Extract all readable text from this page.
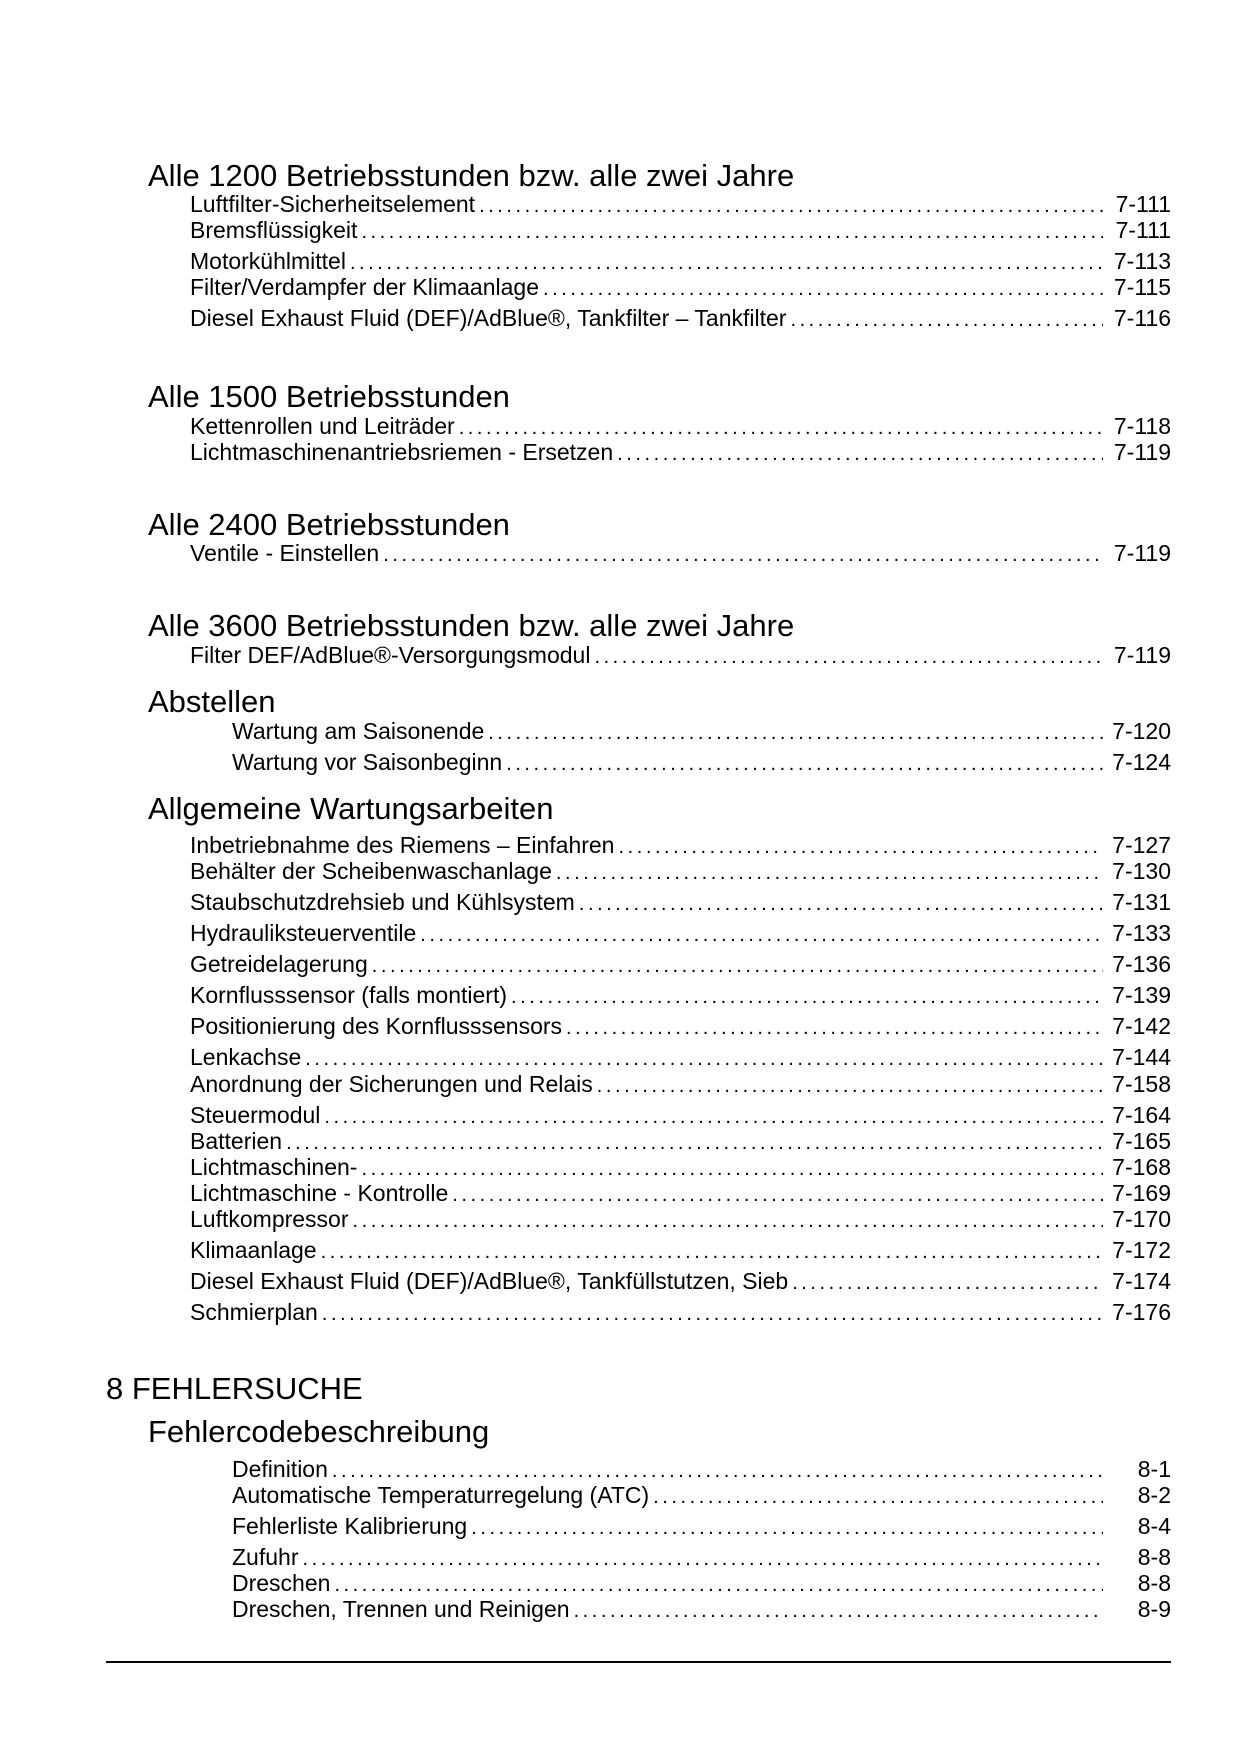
Alle 1200 Betriebsstunden bzw. alle zwei Jahre
Luftfilter-Sicherheitselement . . .	7-111
Bremsflüssigkeit . . .	7-111
Motorkühlmittel . . .	7-113
Filter/Verdampfer der Klimaanlage . . .	7-115
Diesel Exhaust Fluid (DEF)/AdBlue®, Tankfilter – Tankfilter . . .	7-116
Alle 1500 Betriebsstunden
Kettenrollen und Leiträder . . .	7-118
Lichtmaschinenantriebsriemen - Ersetzen . . .	7-119
Alle 2400 Betriebsstunden
Ventile - Einstellen . . .	7-119
Alle 3600 Betriebsstunden bzw. alle zwei Jahre
Filter DEF/AdBlue®-Versorgungsmodul . . .	7-119
Abstellen
Wartung am Saisonende . . .	7-120
Wartung vor Saisonbeginn . . .	7-124
Allgemeine Wartungsarbeiten
Inbetriebnahme des Riemens – Einfahren . . .	7-127
Behälter der Scheibenwaschanlage . . .	7-130
Staubschutzdrehsieb und Kühlsystem . . .	7-131
Hydrauliksteuerventile . . .	7-133
Getreidelagerung . . .	7-136
Kornflusssensor (falls montiert) . . .	7-139
Positionierung des Kornflusssensors . . .	7-142
Lenkachse . . .	7-144
Anordnung der Sicherungen und Relais . . .	7-158
Steuermodul . . .	7-164
Batterien . . .	7-165
Lichtmaschinen- . . .	7-168
Lichtmaschine - Kontrolle . . .	7-169
Luftkompressor . . .	7-170
Klimaanlage . . .	7-172
Diesel Exhaust Fluid (DEF)/AdBlue®, Tankfüllstutzen, Sieb . . .	7-174
Schmierplan . . .	7-176
8 FEHLERSUCHE
Fehlercodebeschreibung
Definition . . .	8-1
Automatische Temperaturregelung (ATC) . . .	8-2
Fehlerliste Kalibrierung . . .	8-4
Zufuhr . . .	8-8
Dreschen . . .	8-8
Dreschen, Trennen und Reinigen . . .	8-9
